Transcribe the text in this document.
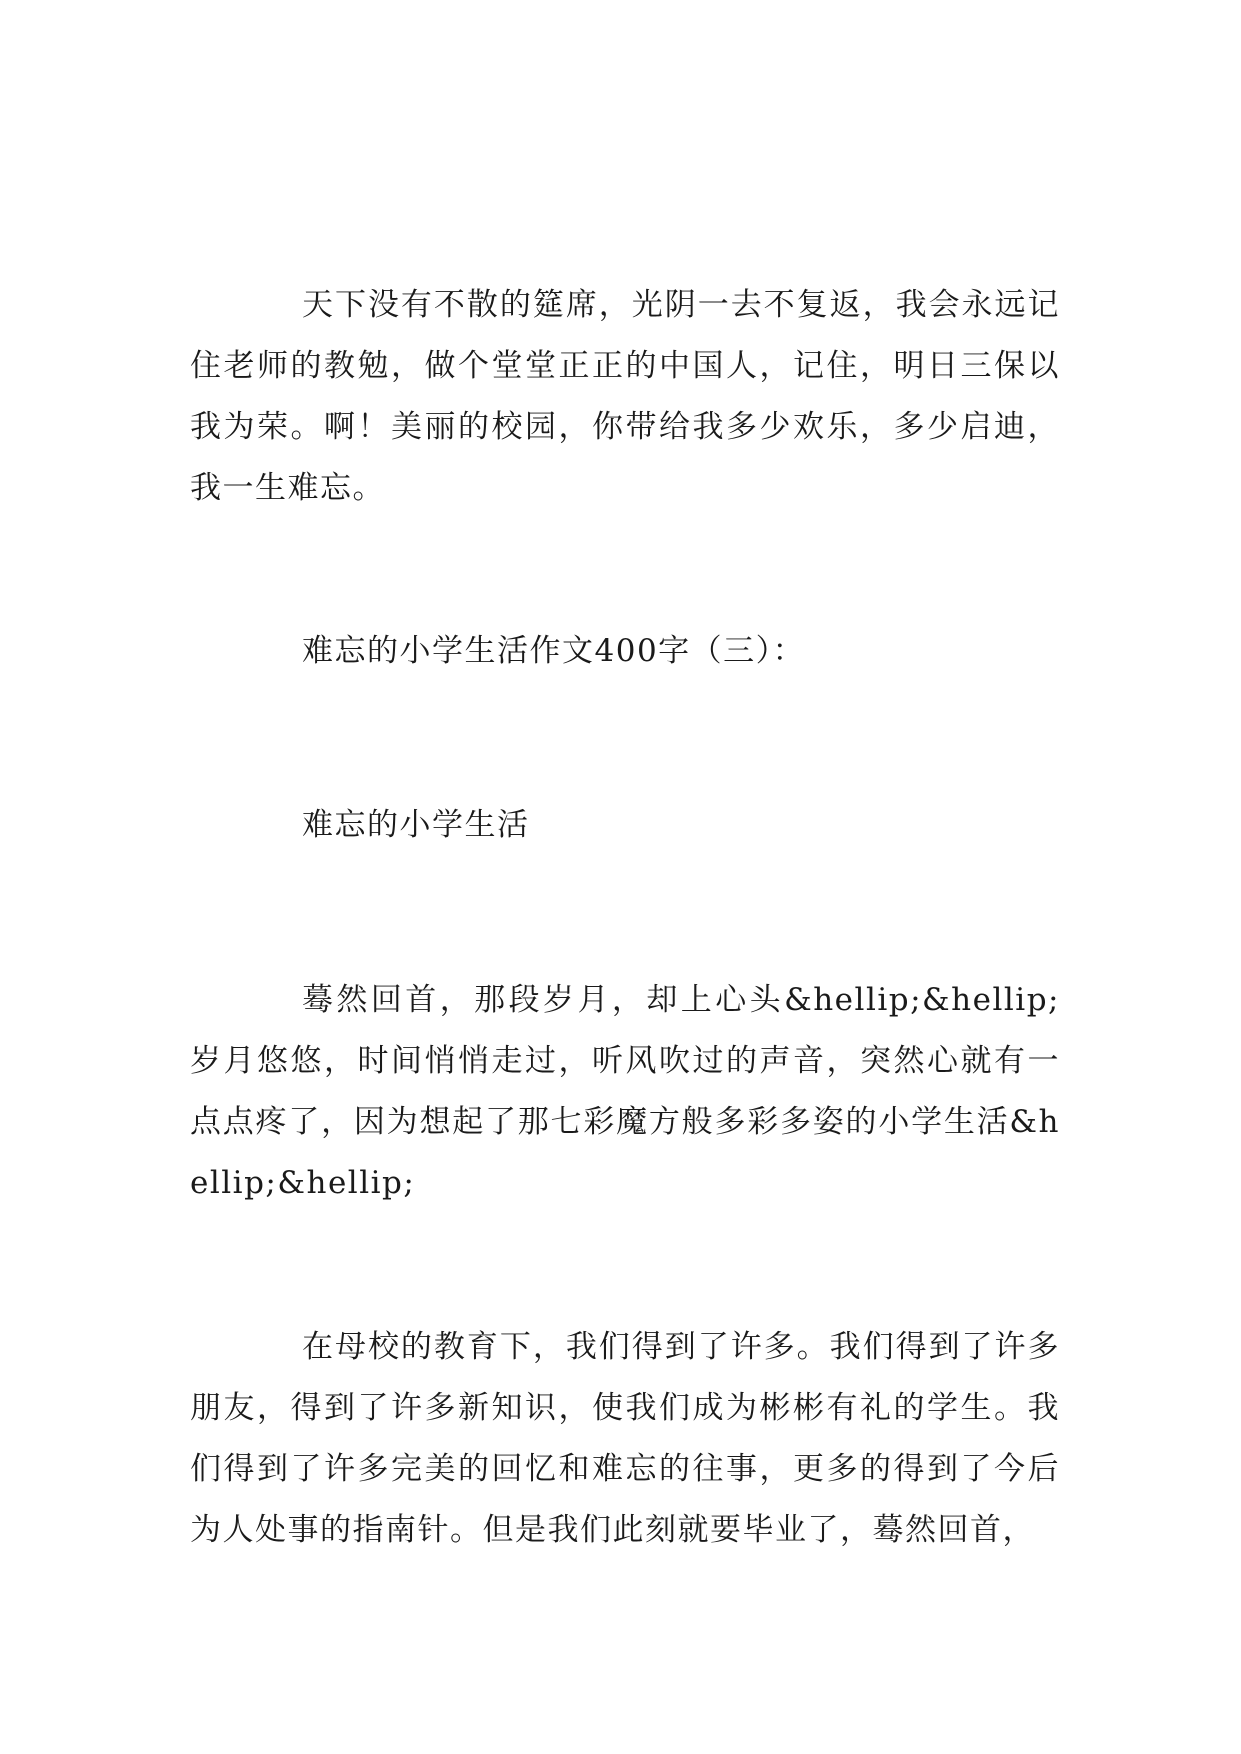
天下没有不散的筵席，光阴一去不复返，我会永远记住老师的教勉，做个堂堂正正的中国人，记住，明日三保以我为荣。啊！美丽的校园，你带给我多少欢乐，多少启迪，我一生难忘。

难忘的小学生活作文400字（三）：

难忘的小学生活

蓦然回首，那段岁月，却上心头&hellip;&hellip;岁月悠悠，时间悄悄走过，听风吹过的声音，突然心就有一点点疼了，因为想起了那七彩魔方般多彩多姿的小学生活&hellip;&hellip;

在母校的教育下，我们得到了许多。我们得到了许多朋友，得到了许多新知识，使我们成为彬彬有礼的学生。我们得到了许多完美的回忆和难忘的往事，更多的得到了今后为人处事的指南针。但是我们此刻就要毕业了，蓦然回首，
